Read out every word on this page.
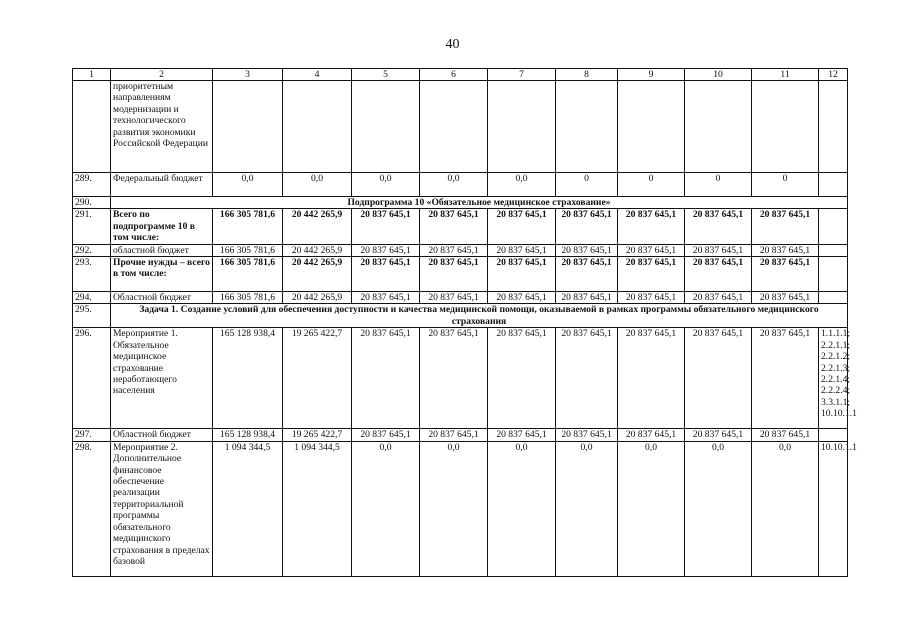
40
1	2	3	4	5	6	7	8	9	10	11	12
	приоритетным направлениям модернизации и технологического развития экономики Российской Федерации										
289.	Федеральный бюджет	0,0	0,0	0,0	0,0	0,0	0	0	0	0	
290.	Подпрограмма 10 «Обязательное медицинское страхование»										
291.	Всего по подпрограмме 10 в том числе:	166 305 781,6	20 442 265,9	20 837 645,1	20 837 645,1	20 837 645,1	20 837 645,1	20 837 645,1	20 837 645,1	20 837 645,1	
292.	областной бюджет	166 305 781,6	20 442 265,9	20 837 645,1	20 837 645,1	20 837 645,1	20 837 645,1	20 837 645,1	20 837 645,1	20 837 645,1	
293.	Прочие нужды – всего в том числе:	166 305 781,6	20 442 265,9	20 837 645,1	20 837 645,1	20 837 645,1	20 837 645,1	20 837 645,1	20 837 645,1	20 837 645,1	
294.	Областной бюджет	166 305 781,6	20 442 265,9	20 837 645,1	20 837 645,1	20 837 645,1	20 837 645,1	20 837 645,1	20 837 645,1	20 837 645,1	
295.	Задача 1. Создание условий для обеспечения доступности и качества медицинской помощи, оказываемой в рамках программы обязательного медицинского страхования										
296.	Мероприятие 1. Обязательное медицинское страхование неработающего населения	165 128 938,4	19 265 422,7	20 837 645,1	20 837 645,1	20 837 645,1	20 837 645,1	20 837 645,1	20 837 645,1	20 837 645,1	1.1.1.1; 2.2.1.1; 2.2.1.2; 2.2.1.3; 2.2.1.4; 2.2.2.4; 3.3.1.1; 10.10.1.1
297.	Областной бюджет	165 128 938,4	19 265 422,7	20 837 645,1	20 837 645,1	20 837 645,1	20 837 645,1	20 837 645,1	20 837 645,1	20 837 645,1	
298.	Мероприятие 2. Дополнительное финансовое обеспечение реализации территориальной программы обязательного медицинского страхования в пределах базовой	1 094 344,5	1 094 344,5	0,0	0,0	0,0	0,0	0,0	0,0	0,0	10.10.1.1
